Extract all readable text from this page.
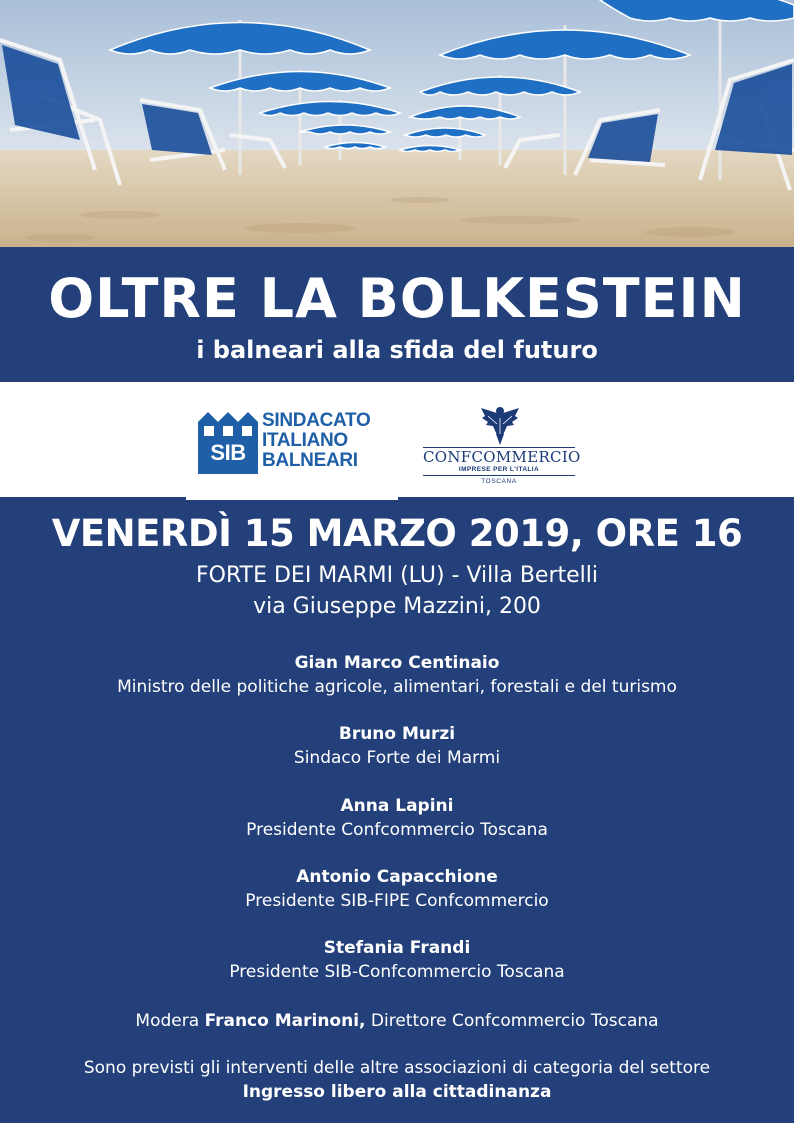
OLTRE LA BOLKESTEIN
i balneari alla sfida del futuro
SIB
SINDACATO
ITALIANO
BALNEARI	CONFCOMMERCIO
IMPRESE PER L'ITALIA
TOSCANA
VENERDÌ 15 MARZO 2019, ORE 16
FORTE DEI MARMI (LU) - Villa Bertelli
via Giuseppe Mazzini, 200
Gian Marco Centinaio
Ministro delle politiche agricole, alimentari, forestali e del turismo
Bruno Murzi
Sindaco Forte dei Marmi
Anna Lapini
Presidente Confcommercio Toscana
Antonio Capacchione
Presidente SIB-FIPE Confcommercio
Stefania Frandi
Presidente SIB-Confcommercio Toscana
Modera Franco Marinoni, Direttore Confcommercio Toscana
Sono previsti gli interventi delle altre associazioni di categoria del settore
Ingresso libero alla cittadinanza
